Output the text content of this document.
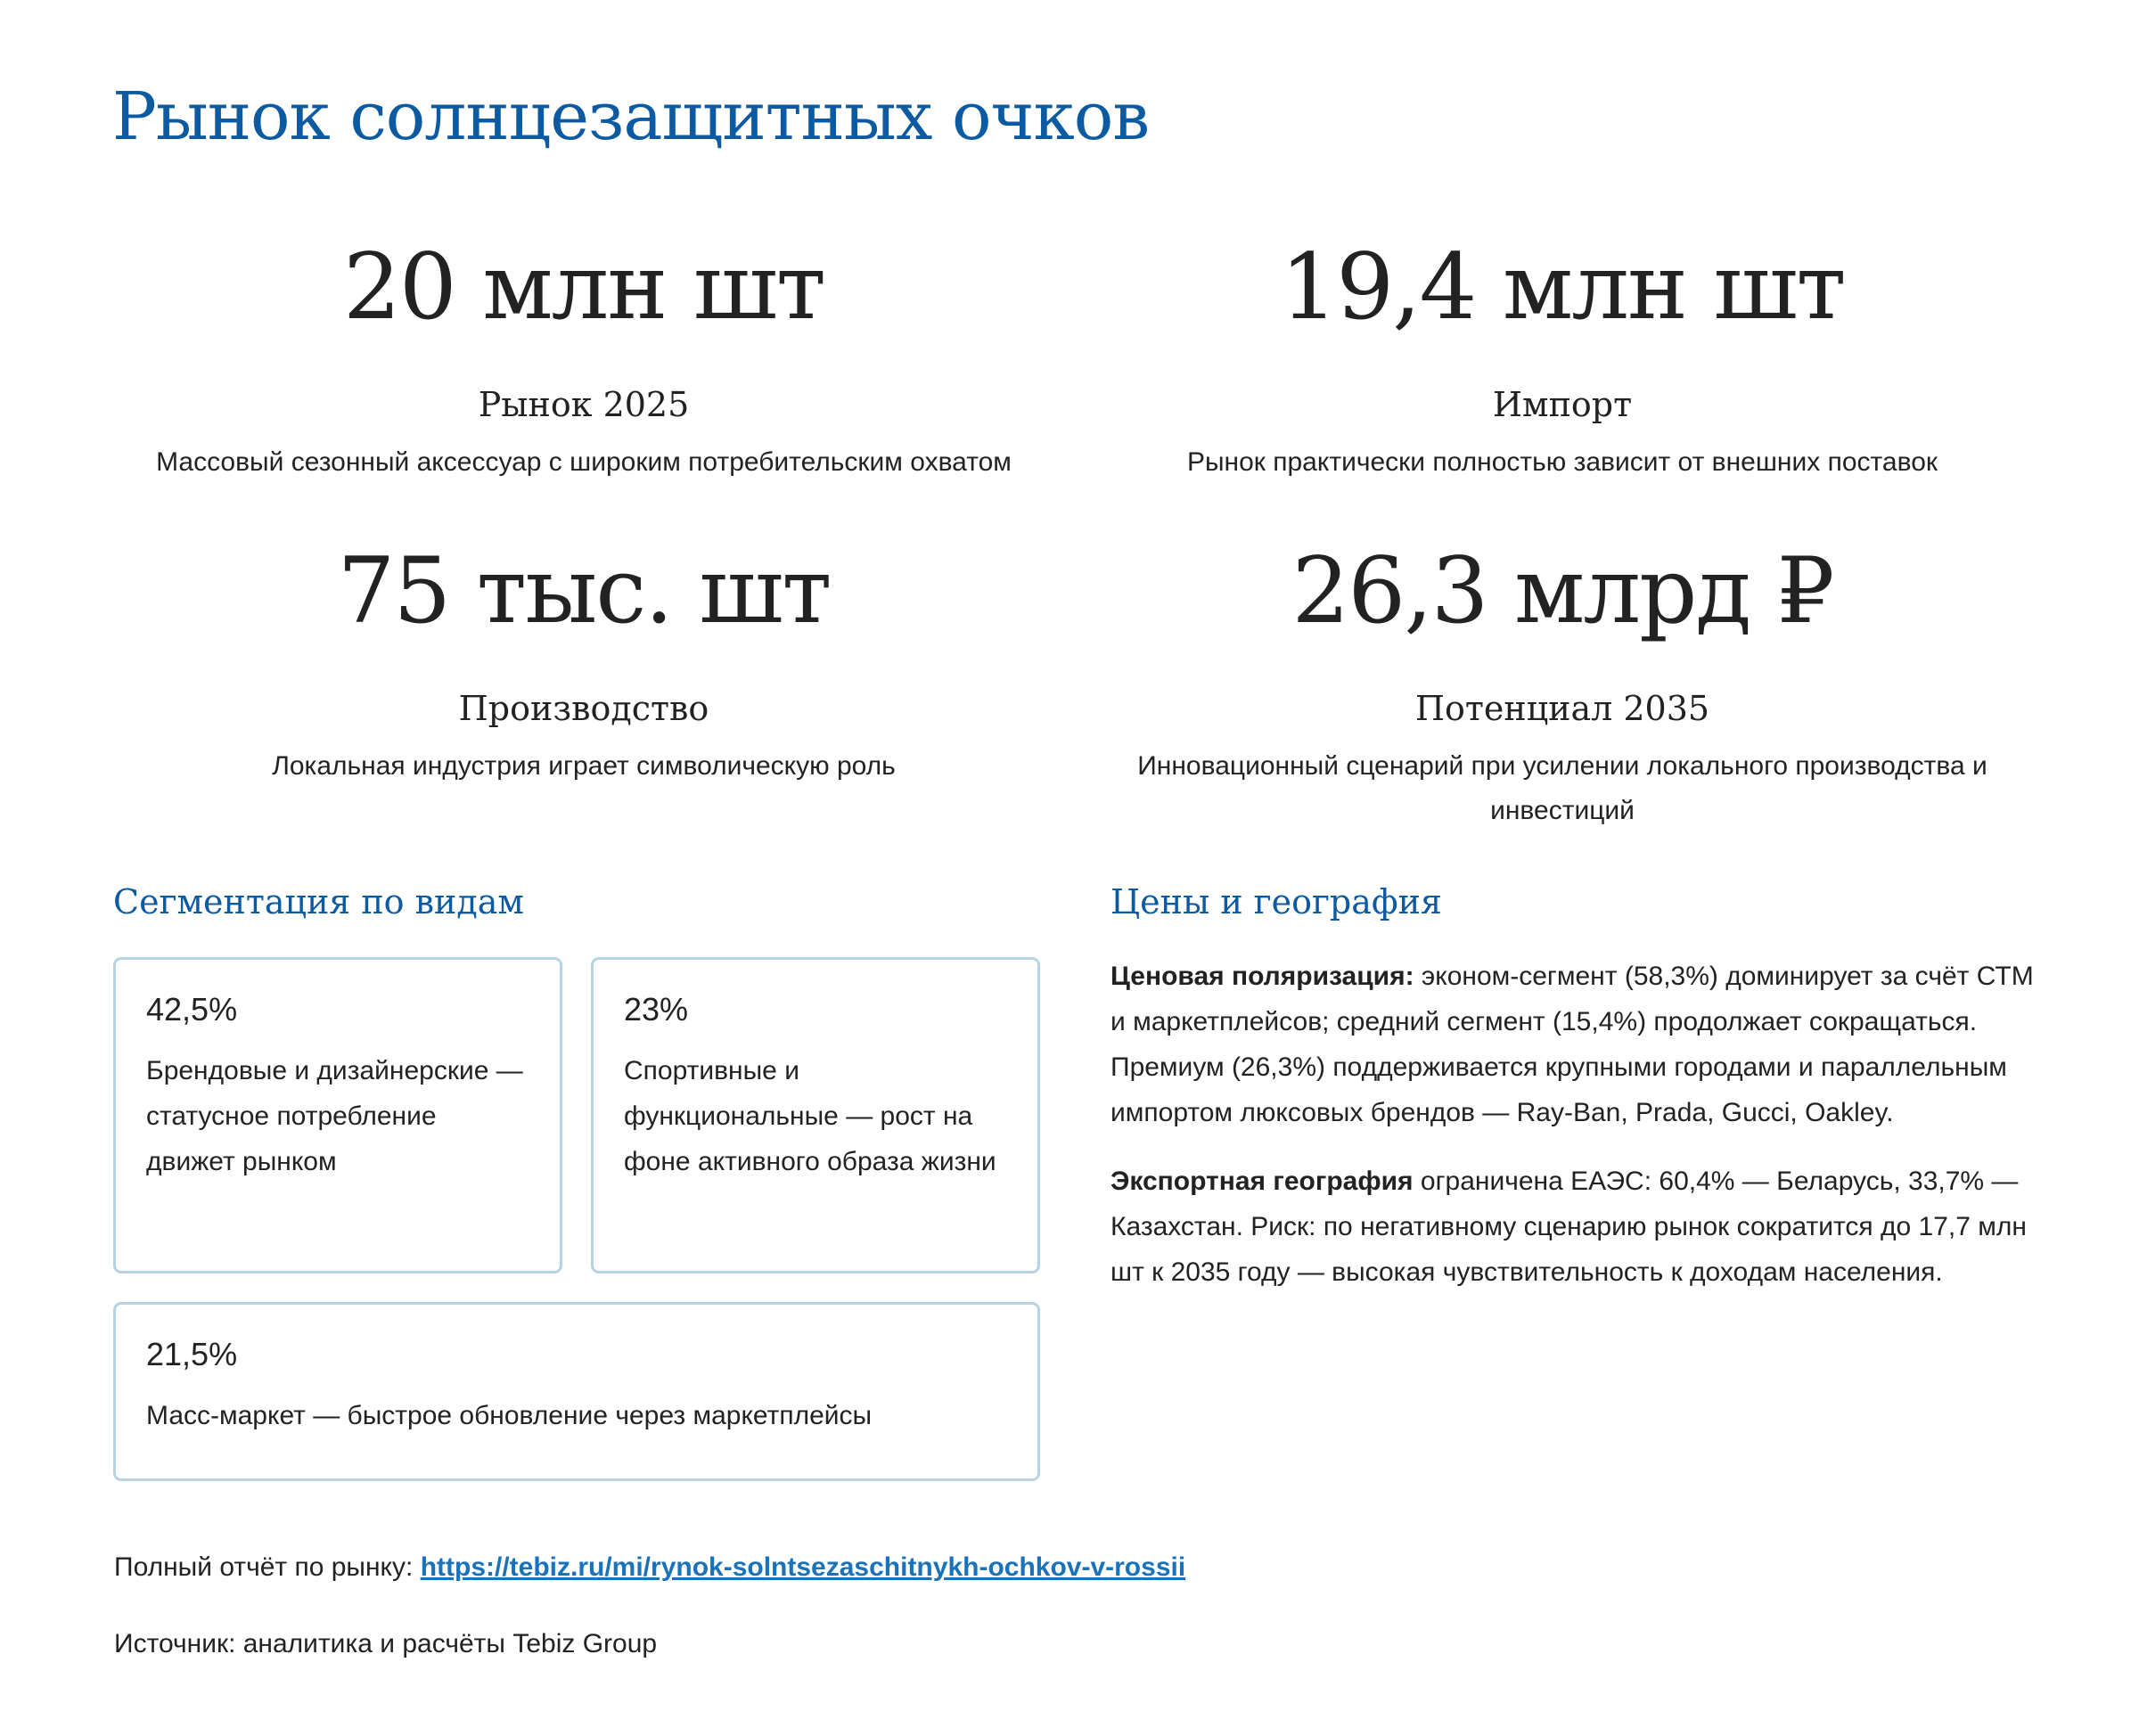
Рынок солнцезащитных очков
20 млн шт
Рынок 2025
Массовый сезонный аксессуар с широким потребительским охватом
19,4 млн шт
Импорт
Рынок практически полностью зависит от внешних поставок
75 тыс. шт
Производство
Локальная индустрия играет символическую роль
26,3 млрд ₽
Потенциал 2035
Инновационный сценарий при усилении локального производства и инвестиций
Сегментация по видам
42,5%
Брендовые и дизайнерские — статусное потребление движет рынком
23%
Спортивные и функциональные — рост на фоне активного образа жизни
21,5%
Масс-маркет — быстрое обновление через маркетплейсы
Цены и география

Ценовая поляризация: эконом-сегмент (58,3%) доминирует за счёт СТМ и маркетплейсов; средний сегмент (15,4%) продолжает сокращаться. Премиум (26,3%) поддерживается крупными городами и параллельным импортом люксовых брендов — Ray-Ban, Prada, Gucci, Oakley.

Экспортная география ограничена ЕАЭС: 60,4% — Беларусь, 33,7% — Казахстан. Риск: по негативному сценарию рынок сократится до 17,7 млн шт к 2035 году — высокая чувствительность к доходам населения.

Полный отчёт по рынку: https://tebiz.ru/mi/rynok-solntsezaschitnykh-ochkov-v-rossii
Источник: аналитика и расчёты Tebiz Group
